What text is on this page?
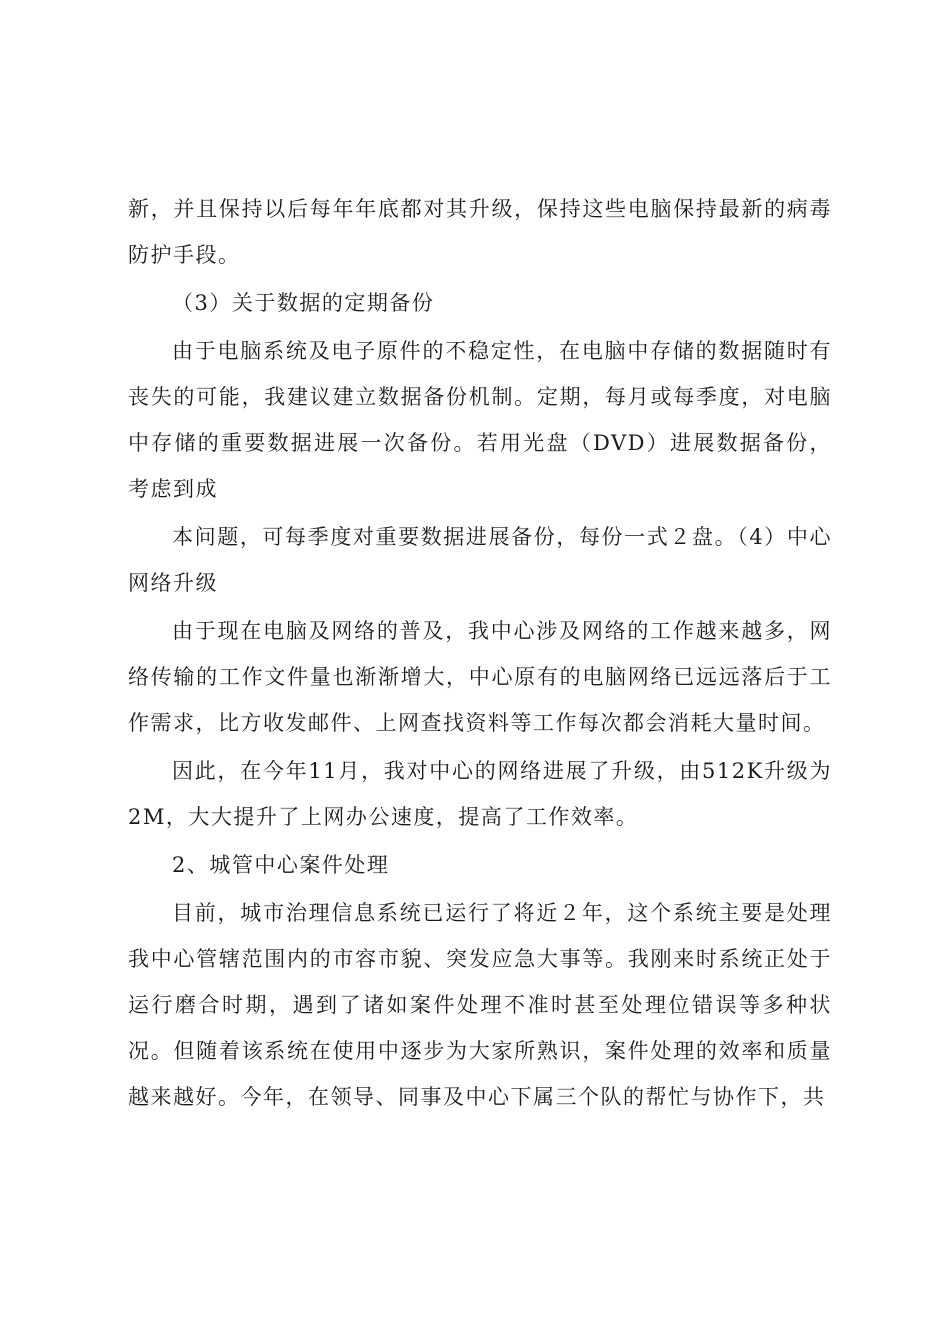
新，并且保持以后每年年底都对其升级，保持这些电脑保持最新的病毒防护手段。

（3）关于数据的定期备份

由于电脑系统及电子原件的不稳定性，在电脑中存储的数据随时有丧失的可能，我建议建立数据备份机制。定期，每月或每季度，对电脑中存储的重要数据进展一次备份。若用光盘（DVD）进展数据备份，考虑到成

本问题，可每季度对重要数据进展备份，每份一式２盘。（4）中心网络升级

由于现在电脑及网络的普及，我中心涉及网络的工作越来越多，网络传输的工作文件量也渐渐增大，中心原有的电脑网络已远远落后于工作需求，比方收发邮件、上网查找资料等工作每次都会消耗大量时间。

因此，在今年11月，我对中心的网络进展了升级，由512K升级为2M，大大提升了上网办公速度，提高了工作效率。

2、城管中心案件处理

目前，城市治理信息系统已运行了将近２年，这个系统主要是处理我中心管辖范围内的市容市貌、突发应急大事等。我刚来时系统正处于运行磨合时期，遇到了诸如案件处理不准时甚至处理位错误等多种状况。但随着该系统在使用中逐步为大家所熟识，案件处理的效率和质量越来越好。今年，在领导、同事及中心下属三个队的帮忙与协作下，共
